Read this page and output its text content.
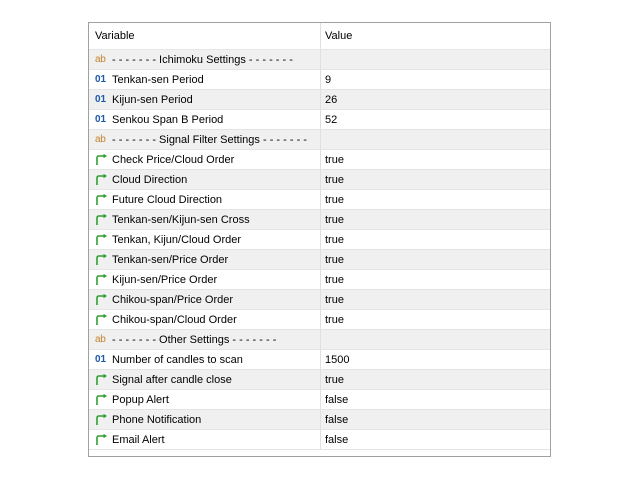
Variable	Value
ab - - - - - - - Ichimoku Settings - - - - - - -
01 Tenkan-sen Period	9
01 Kijun-sen Period	26
01 Senkou Span B Period	52
ab - - - - - - - Signal Filter Settings - - - - - - -
Check Price/Cloud Order	true
Cloud Direction	true
Future Cloud Direction	true
Tenkan-sen/Kijun-sen Cross	true
Tenkan, Kijun/Cloud Order	true
Tenkan-sen/Price Order	true
Kijun-sen/Price Order	true
Chikou-span/Price Order	true
Chikou-span/Cloud Order	true
ab - - - - - - - Other Settings - - - - - - -
01 Number of candles to scan	1500
Signal after candle close	true
Popup Alert	false
Phone Notification	false
Email Alert	false
